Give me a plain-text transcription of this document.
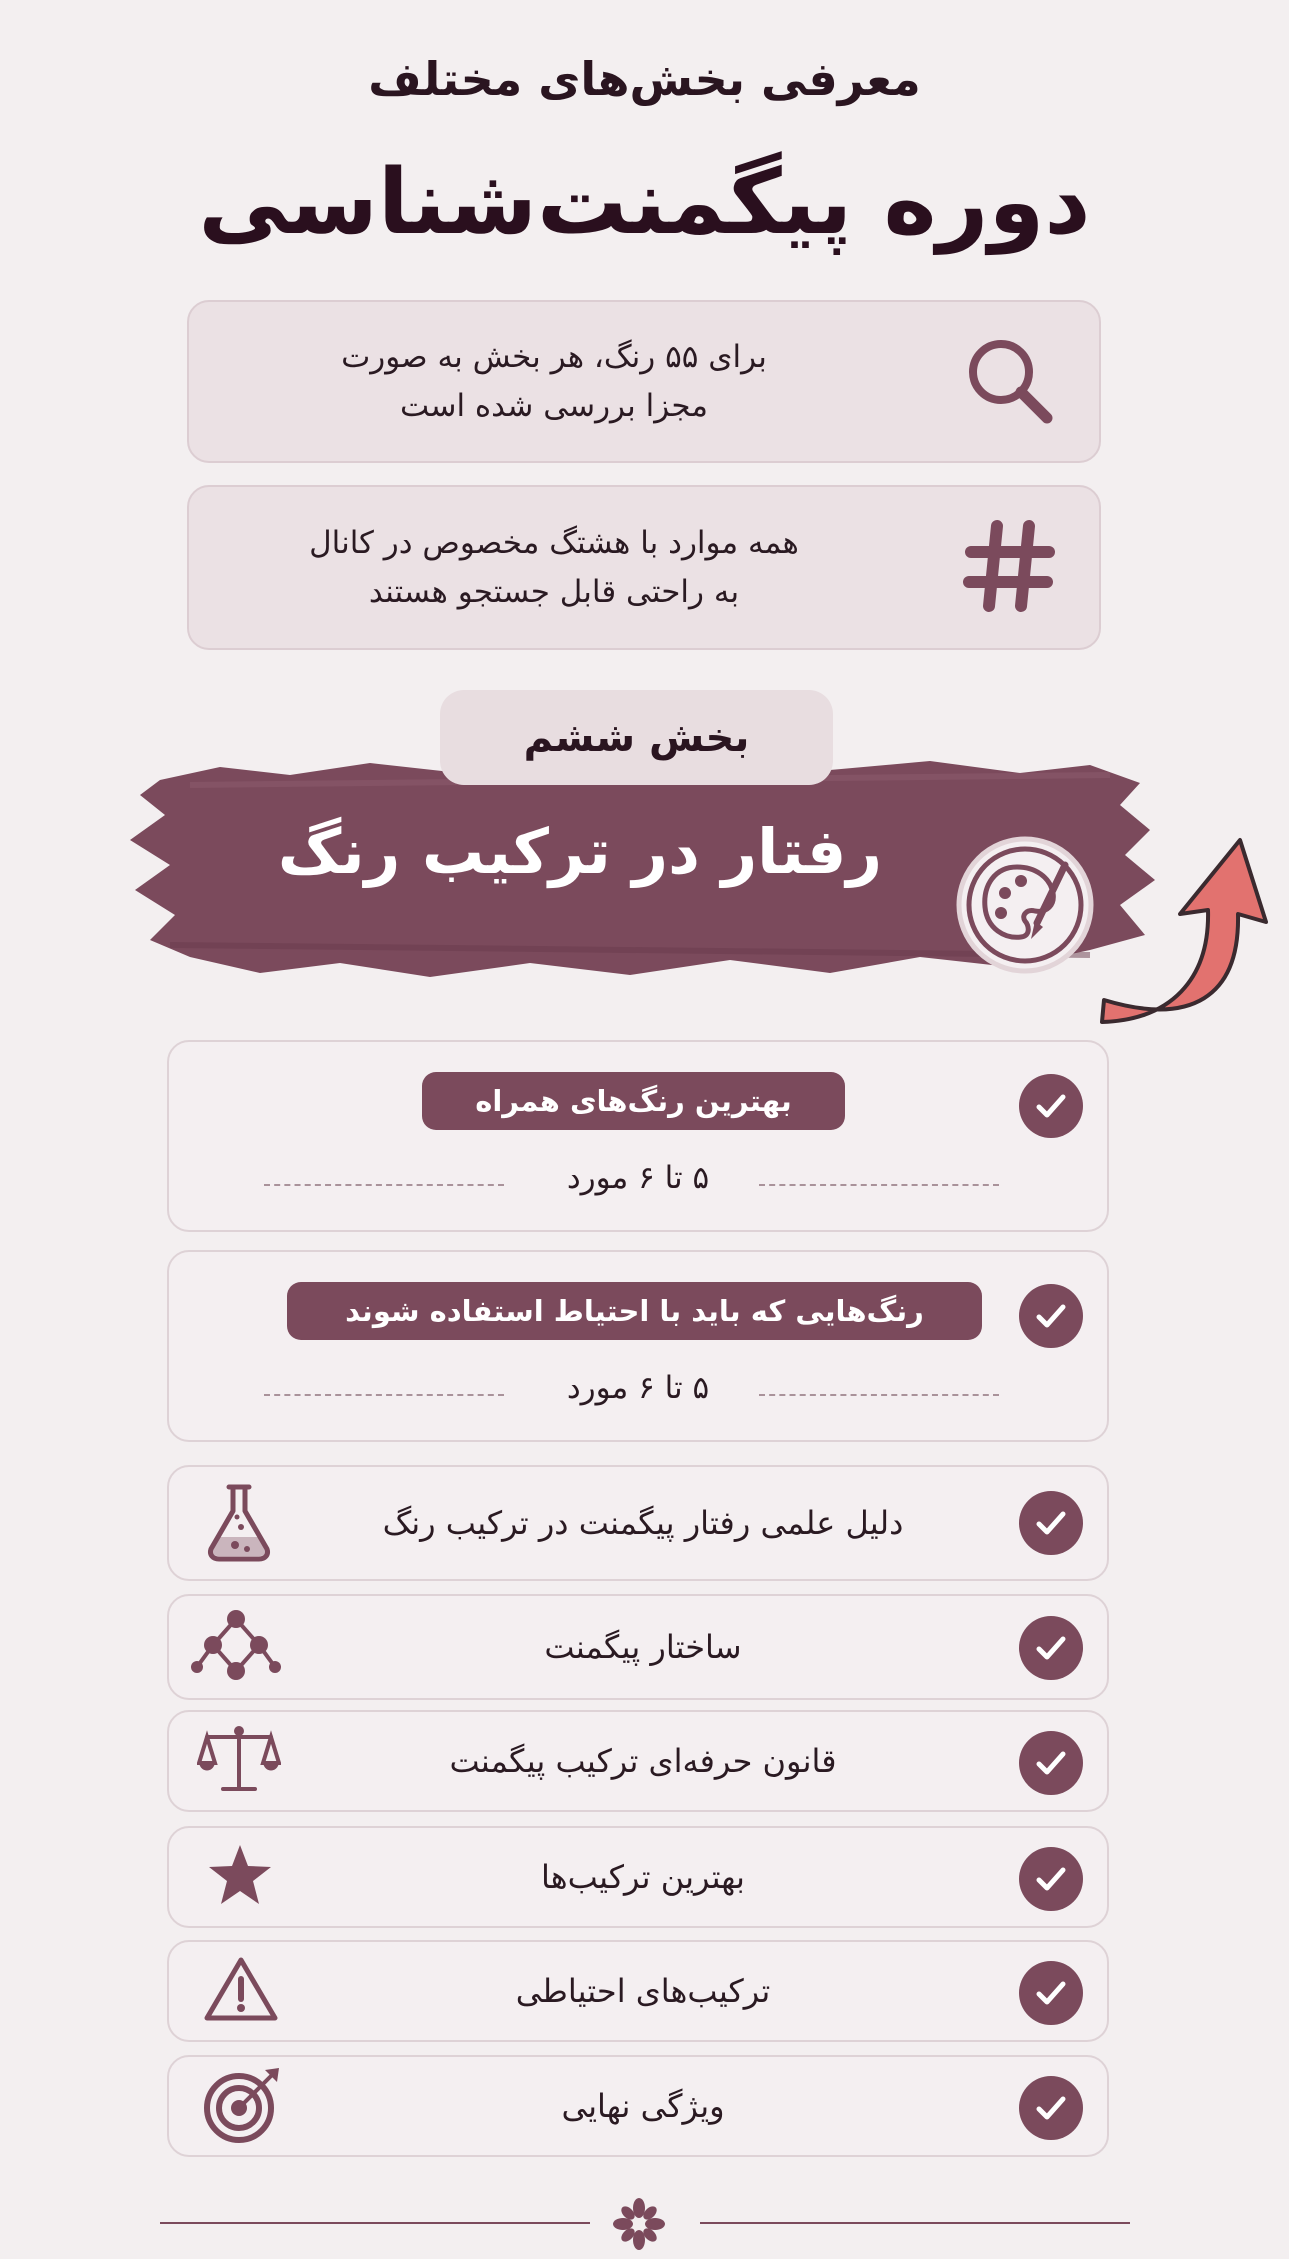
معرفی بخش‌های مختلف
دوره پیگمنت‌شناسی
برای ۵۵ رنگ، هر بخش به صورت
مجزا بررسی شده است
همه موارد با هشتگ مخصوص در کانال
به راحتی قابل جستجو هستند
بخش ششم
رفتار در ترکیب رنگ
بهترین رنگ‌های همراه
۵ تا ۶ مورد
رنگ‌هایی که باید با احتیاط استفاده شوند
۵ تا ۶ مورد
دلیل علمی رفتار پیگمنت در ترکیب رنگ
ساختار پیگمنت
قانون حرفه‌ای ترکیب پیگمنت
بهترین ترکیب‌ها
ترکیب‌های احتیاطی
ویژگی نهایی
